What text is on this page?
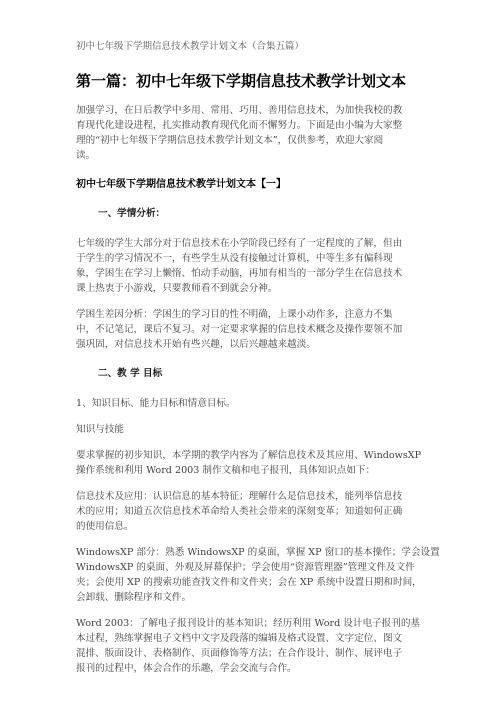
初中七年级下学期信息技术教学计划文本（合集五篇）
第一篇：初中七年级下学期信息技术教学计划文本

加强学习，在日后教学中多用、常用、巧用、善用信息技术，为加快我校的教
育现代化建设进程，扎实推动教育现代化而不懈努力。下面是由小编为大家整
理的“初中七年级下学期信息技术教学计划文本”，仅供参考，欢迎大家阅
读。

初中七年级下学期信息技术教学计划文本【一】
一、学情分析：

七年级的学生大部分对于信息技术在小学阶段已经有了一定程度的了解，但由
于学生的学习情况不一，有些学生从没有接触过计算机，中等生多有偏科现
象，学困生在学习上懒惰、怕动手动脑，再加有相当的一部分学生在信息技术
课上热衷于小游戏，只要教师看不到就会分神。

学困生差因分析：学困生的学习目的性不明确，上课小动作多，注意力不集
中，不记笔记，课后不复习。对一定要求掌握的信息技术概念及操作要领不加
强巩固，对信息技术开始有些兴趣，以后兴趣越来越淡。

二、教 学 目标

1、知识目标、能力目标和情意目标。

知识与技能

要求掌握的初步知识，本学期的教学内容为了解信息技术及其应用、WindowsXP
操作系统和利用 Word 2003 制作文稿和电子报刊，具体知识点如下：

信息技术及应用：认识信息的基本特征；理解什么是信息技术，能列举信息技
术的应用；知道五次信息技术革命给人类社会带来的深刻变革；知道如何正确
的使用信息。

WindowsXP 部分：熟悉 WindowsXP 的桌面，掌握 XP 窗口的基本操作；学会设置
WindowsXP 的桌面、外观及屏幕保护；学会使用“资源管理器”管理文件及文件
夹；会使用 XP 的搜索功能查找文件和文件夹；会在 XP 系统中设置日期和时间，
会卸载、删除程序和文件。

Word 2003：了解电子报刊设计的基本知识；经历利用 Word 设计电子报刊的基
本过程，熟练掌握电子文档中文字及段落的编辑及格式设置、文字定位、图文
混排、版面设计、表格制作、页面修饰等方法；在合作设计、制作、展评电子
报刊的过程中，体会合作的乐趣，学会交流与合作。
